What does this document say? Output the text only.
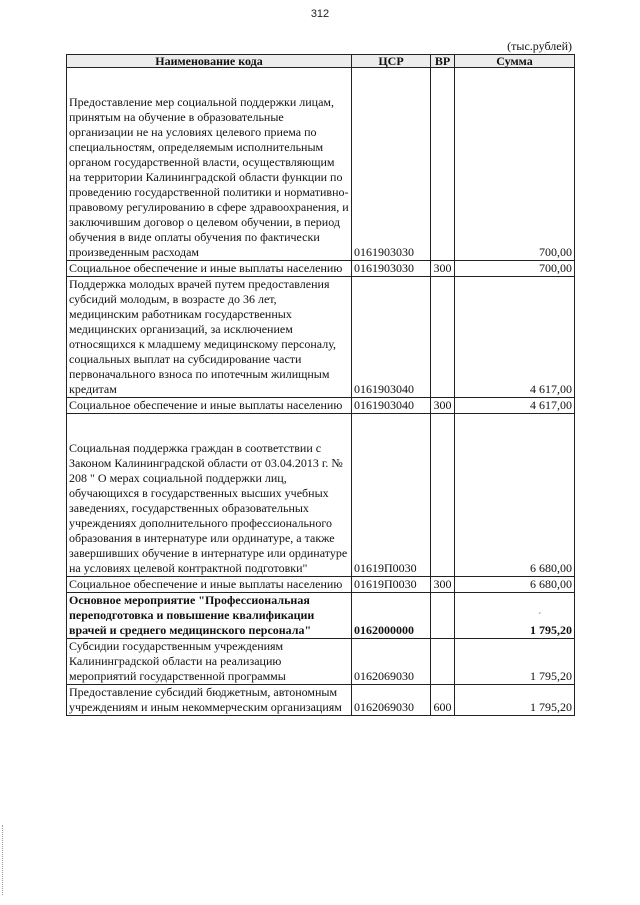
312
(тыс.рублей)
Наименование кода	ЦСР	ВР	Сумма

Предоставление мер социальной поддержки лицам, принятым на обучение в образовательные организации не на условиях целевого приема по специальностям, определяемым исполнительным органом государственной власти, осуществляющим на территории Калининградской области функции по проведению государственной политики и нормативно-правовому регулированию в сфере здравоохранения, и заключившим договор о целевом обучении, в период обучения в виде оплаты обучения по фактически произведенным расходам	0161903030		700,00
Социальное обеспечение и иные выплаты населению	0161903030	300	700,00
Поддержка молодых врачей путем предоставления субсидий молодым, в возрасте до 36 лет, медицинским работникам государственных медицинских организаций, за исключением относящихся к младшему медицинскому персоналу, социальных выплат на субсидирование части первоначального взноса по ипотечным жилищным кредитам	0161903040		4 617,00
Социальное обеспечение и иные выплаты населению	0161903040	300	4 617,00

Социальная поддержка граждан в соответствии с Законом Калининградской области от 03.04.2013 г. № 208 " О мерах социальной поддержки лиц, обучающихся в государственных высших учебных заведениях, государственных образовательных учреждениях дополнительного профессионального образования в интернатуре или ординатуре, а также завершивших обучение в интернатуре или ординатуре на условиях целевой контрактной подготовки"	01619П0030		6 680,00
Социальное обеспечение и иные выплаты населению	01619П0030	300	6 680,00
Основное мероприятие "Профессиональная переподготовка и повышение квалификации врачей и среднего медицинского персонала"	0162000000		1 795,20
Субсидии государственным учреждениям Калининградской области на реализацию мероприятий государственной программы	0162069030		1 795,20
Предоставление субсидий бюджетным, автономным учреждениям и иным некоммерческим организациям	0162069030	600	1 795,20
ˊ
